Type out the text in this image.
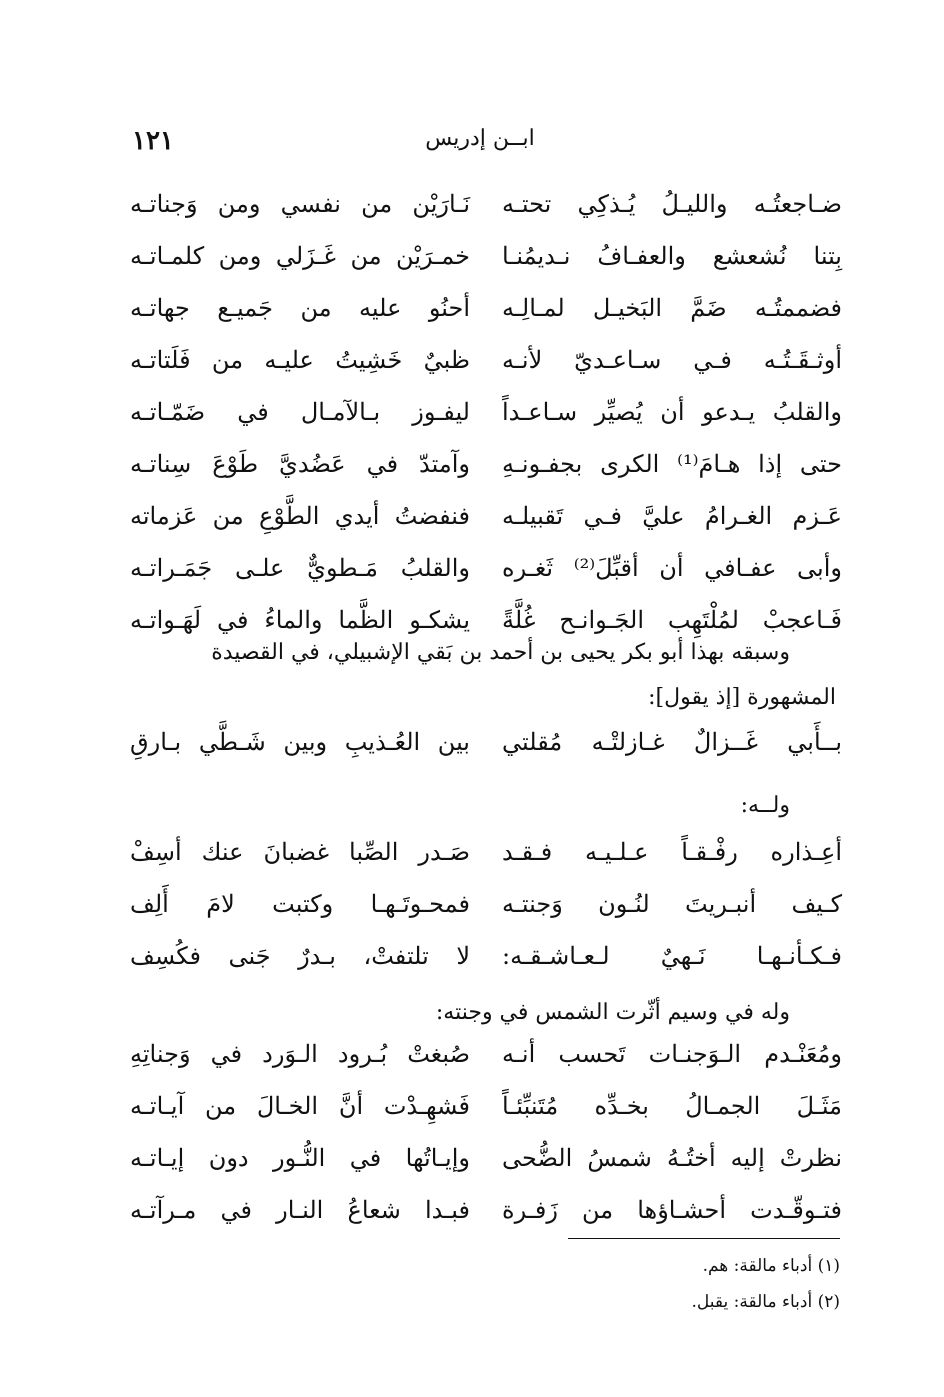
١٢١	ابــن إدريس
ضـاجعتُـه والليـلُ يُـذكِي تحتـه
نَـارَيْن من نفسي ومن وَجناتـه
بِتنا نُشعشع والعفـافُ نـديمُنـا
خمـرَيْن من غَـزَلي ومن كلمـاتـه
فضممتُـه ضَمَّ البَخيـل لمـالِـه
أحنُو عليه من جَميـع جهاتـه
أوثـقَـتُـه فـي سـاعـديّ لأنـه
ظبيٌ خَشِيتُ عليـه من فَلَتاتـه
والقلبُ يـدعو أن يُصيِّر سـاعـداً
ليفـوز بـالآمـال في ضَمّـاتـه
حتى إذا هـامَ⁽¹⁾ الكرى بجفـونـهِ
وآمتدّ في عَضُديَّ طَوْعَ سِناتـه
عَـزم الغـرامُ عليَّ فـي تَقبيلـه
فنفضتُ أيدي الطَّوْعِ من عَزماته
وأبى عفـافي أن أقبِّلَ⁽²⁾ ثَغـره
والقلبُ مَـطويٌّ علـى جَمَـراتـه
فَـاعجبْ لمُلْتَهِب الجَـوانـح غُلَّةً
يشكـو الظَّما والماءُ في لَهَـواتـه
وسبقه بهذا أبو بكر يحيى بن أحمد بن بَقي الإشبيلي، في القصيدة المشهورة [إذ يقول]:
بــأَبي غَــزالٌ غـازلتْـه مُقلتي
بين العُـذيبِ وبين شَـطَّي بـارقِ
ولــه:
أعِـذاره رفْـقـاً عـلـيـه فـقـد
صَـدر الصِّبا غضبانَ عنك أسِفْ
كـيف أنبـريتَ لنُـون وَجنتـه
فمحـوتَـهـا وكتبت لامَ أَلِف
فـكـأنـهـا نَـهيٌ لـعـاشـقـه:
لا تلتفتْ، بـدرٌ جَنى فكُسِف
وله في وسيم أثّرت الشمس في وجنته:
ومُعَنْـدم الـوَجنـات تَحسب أنـه
صُبغتْ بُـرود الـوَرد في وَجناتِهِ
مَثَـلَ الجمـالُ بخـدِّه مُتَنبِّئـاً
فَشهِـدْت أنَّ الخـالَ من آيـاتـه
نظرتْ إليه أختُـهُ شمسُ الضُّحى
وإيـاتُها في النُّـور دون إيـاتـه
فتـوقّـدت أحشـاؤها من زَفـرة
فبـدا شعاعُ النـار في مـرآتـه
(١) أدباء مالقة: هم.
(٢) أدباء مالقة: يقبل.
